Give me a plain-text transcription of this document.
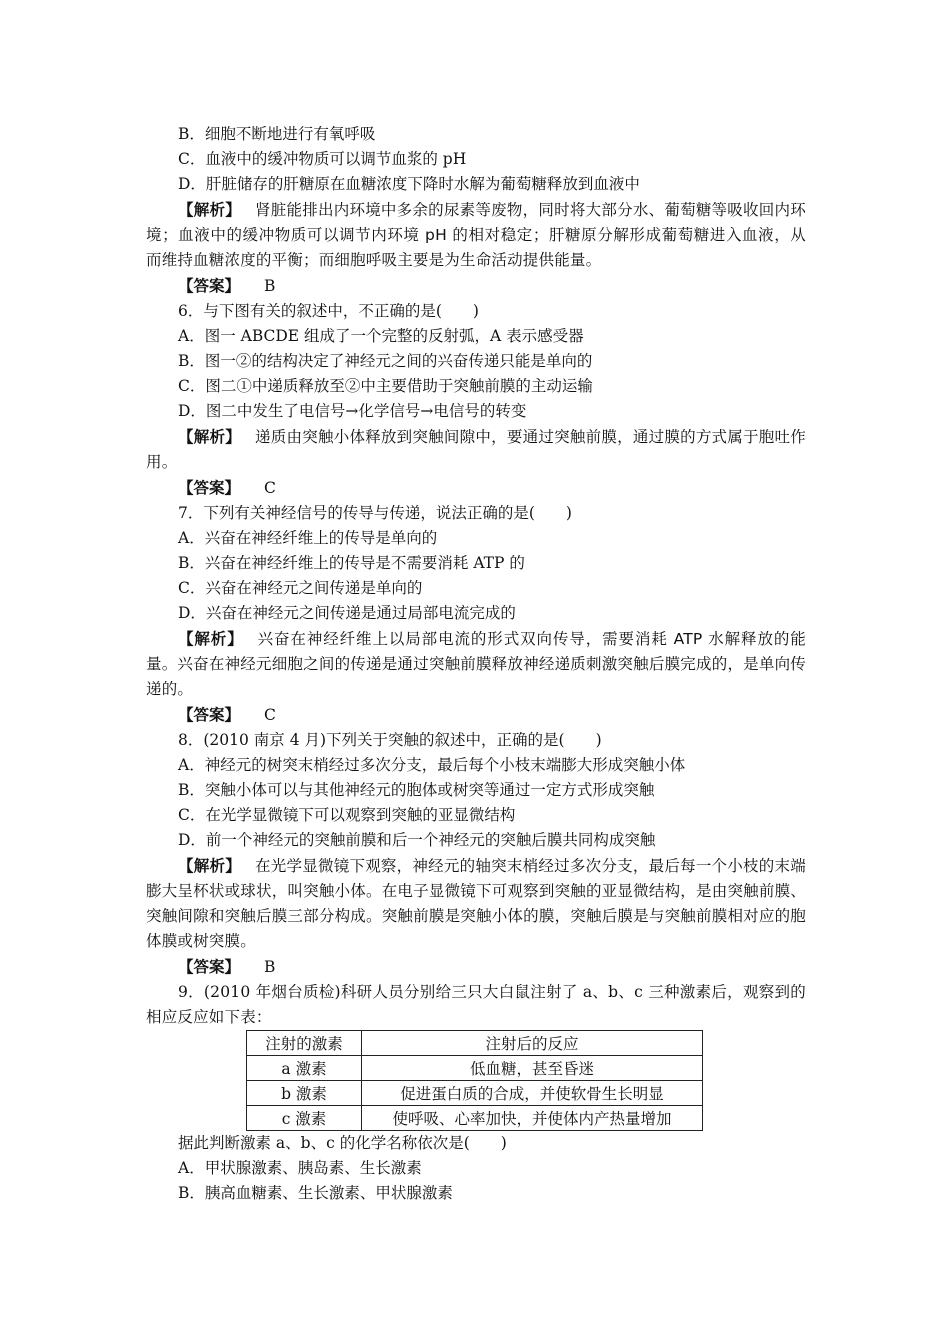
B．细胞不断地进行有氧呼吸
C．血液中的缓冲物质可以调节血浆的 pH
D．肝脏储存的肝糖原在血糖浓度下降时水解为葡萄糖释放到血液中
【解析】 肾脏能排出内环境中多余的尿素等废物，同时将大部分水、葡萄糖等吸收回内环境；血液中的缓冲物质可以调节内环境 pH 的相对稳定；肝糖原分解形成葡萄糖进入血液，从而维持血糖浓度的平衡；而细胞呼吸主要是为生命活动提供能量。
【答案】 B
6．与下图有关的叙述中，不正确的是(　　)
A．图一 ABCDE 组成了一个完整的反射弧，A 表示感受器
B．图一②的结构决定了神经元之间的兴奋传递只能是单向的
C．图二①中递质释放至②中主要借助于突触前膜的主动运输
D．图二中发生了电信号→化学信号→电信号的转变
【解析】 递质由突触小体释放到突触间隙中，要通过突触前膜，通过膜的方式属于胞吐作用。
【答案】 C
7．下列有关神经信号的传导与传递，说法正确的是(　　)
A．兴奋在神经纤维上的传导是单向的
B．兴奋在神经纤维上的传导是不需要消耗 ATP 的
C．兴奋在神经元之间传递是单向的
D．兴奋在神经元之间传递是通过局部电流完成的
【解析】 兴奋在神经纤维上以局部电流的形式双向传导，需要消耗 ATP 水解释放的能量。兴奋在神经元细胞之间的传递是通过突触前膜释放神经递质刺激突触后膜完成的，是单向传递的。
【答案】 C
8．(2010 南京 4 月)下列关于突触的叙述中，正确的是(　　)
A．神经元的树突末梢经过多次分支，最后每个小枝末端膨大形成突触小体
B．突触小体可以与其他神经元的胞体或树突等通过一定方式形成突触
C．在光学显微镜下可以观察到突触的亚显微结构
D．前一个神经元的突触前膜和后一个神经元的突触后膜共同构成突触
【解析】 在光学显微镜下观察，神经元的轴突末梢经过多次分支，最后每一个小枝的末端膨大呈杯状或球状，叫突触小体。在电子显微镜下可观察到突触的亚显微结构，是由突触前膜、突触间隙和突触后膜三部分构成。突触前膜是突触小体的膜，突触后膜是与突触前膜相对应的胞体膜或树突膜。
【答案】 B
9．(2010 年烟台质检)科研人员分别给三只大白鼠注射了 a、b、c 三种激素后，观察到的相应反应如下表：
注射的激素	注射后的反应
a 激素	低血糖，甚至昏迷
b 激素	促进蛋白质的合成，并使软骨生长明显
c 激素	使呼吸、心率加快，并使体内产热量增加
据此判断激素 a、b、c 的化学名称依次是(　　)
A．甲状腺激素、胰岛素、生长激素
B．胰高血糖素、生长激素、甲状腺激素
